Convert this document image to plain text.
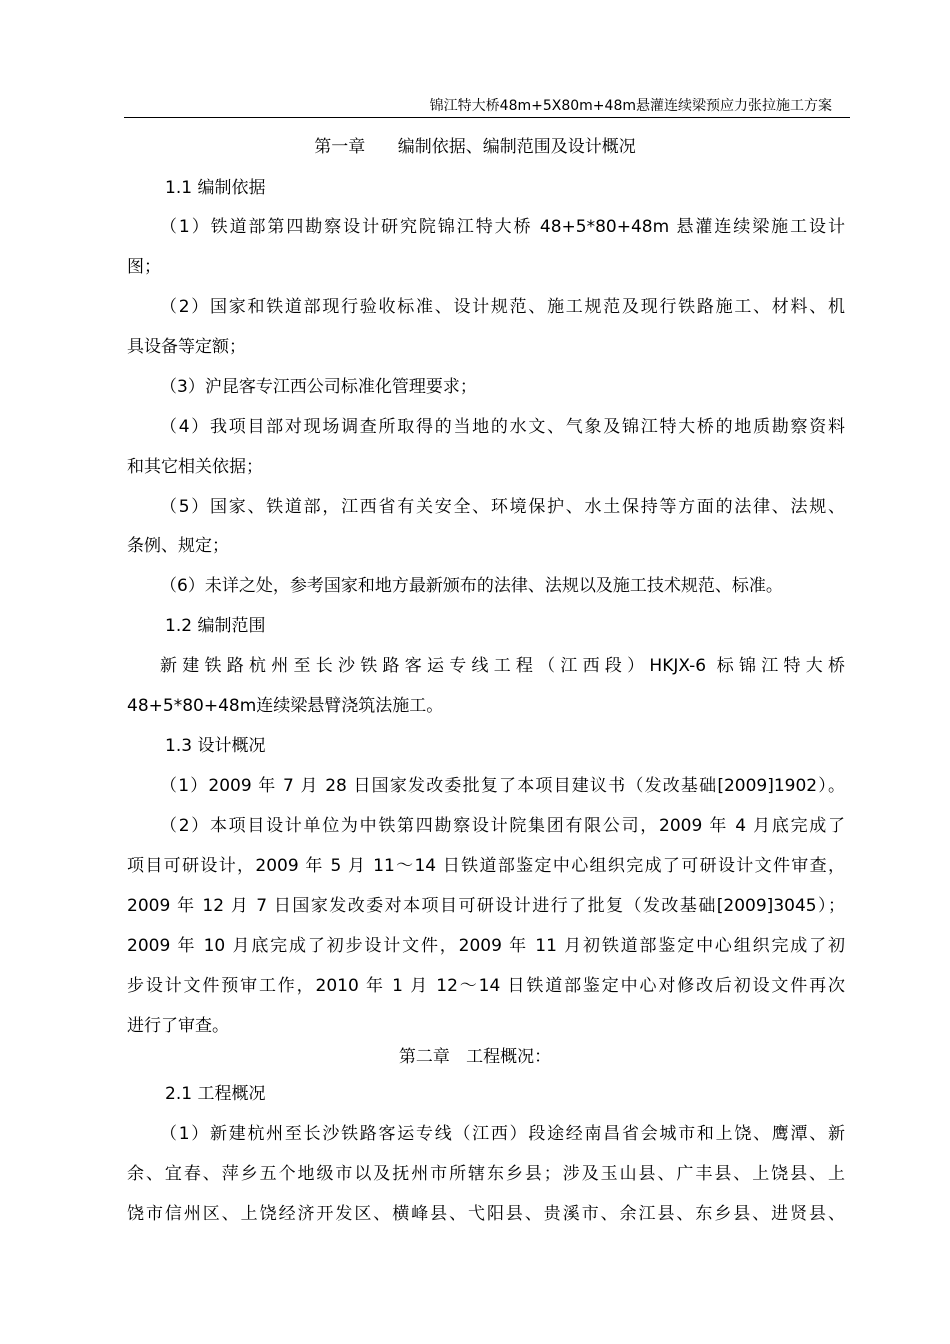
锦江特大桥48m+5X80m+48m悬灌连续梁预应力张拉施工方案
第一章      编制依据、编制范围及设计概况
1.1 编制依据
（1）铁道部第四勘察设计研究院锦江特大桥 48+5*80+48m 悬灌连续梁施工设计
图；
（2）国家和铁道部现行验收标准、设计规范、施工规范及现行铁路施工、材料、机
具设备等定额；
（3）沪昆客专江西公司标准化管理要求；
（4）我项目部对现场调查所取得的当地的水文、气象及锦江特大桥的地质勘察资料
和其它相关依据；
（5）国家、铁道部，江西省有关安全、环境保护、水土保持等方面的法律、法规、
条例、规定；
（6）未详之处，参考国家和地方最新颁布的法律、法规以及施工技术规范、标准。
1.2 编制范围
新建铁路杭州至长沙铁路客运专线工程（江西段）HKJX-6 标锦江特大桥
48+5*80+48m连续梁悬臂浇筑法施工。
1.3 设计概况
（1）2009 年 7 月 28 日国家发改委批复了本项目建议书（发改基础[2009]1902）。
（2）本项目设计单位为中铁第四勘察设计院集团有限公司，2009 年 4 月底完成了
项目可研设计，2009 年 5 月 11～14 日铁道部鉴定中心组织完成了可研设计文件审查，
2009 年 12 月 7 日国家发改委对本项目可研设计进行了批复（发改基础[2009]3045）；
2009 年 10 月底完成了初步设计文件，2009 年 11 月初铁道部鉴定中心组织完成了初
步设计文件预审工作，2010 年 1 月 12～14 日铁道部鉴定中心对修改后初设文件再次
进行了审查。
第二章   工程概况：
2.1 工程概况
（1）新建杭州至长沙铁路客运专线（江西）段途经南昌省会城市和上饶、鹰潭、新
余、宜春、萍乡五个地级市以及抚州市所辖东乡县；涉及玉山县、广丰县、上饶县、上
饶市信州区、上饶经济开发区、横峰县、弋阳县、贵溪市、余江县、东乡县、进贤县、
